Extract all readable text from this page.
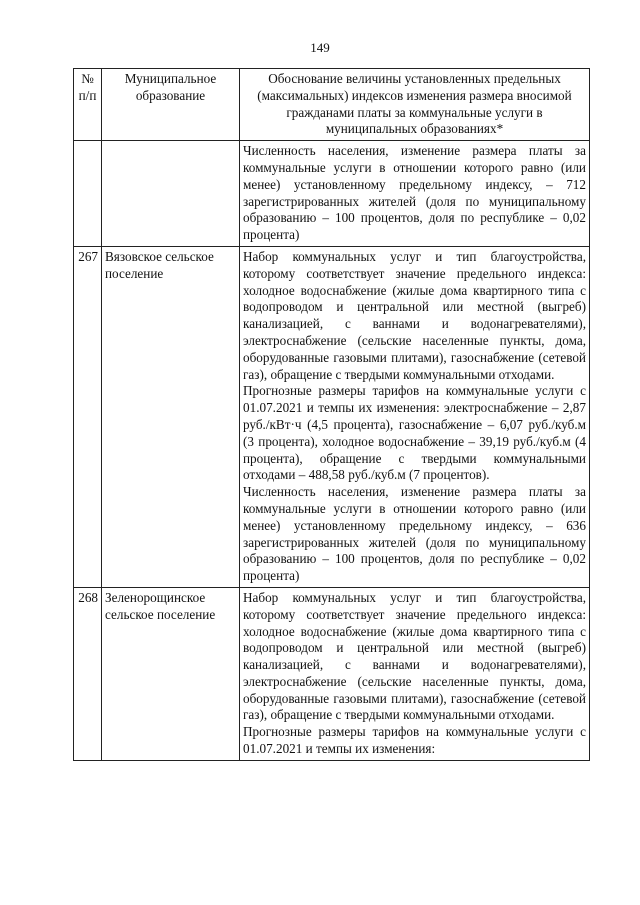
149
№ п/п	Муниципальное образование	Обоснование величины установленных предельных (максимальных) индексов изменения размера вносимой гражданами платы за коммунальные услуги в муниципальных образованиях*

		Численность населения, изменение размера платы за коммунальные услуги в отношении которого равно (или менее) установленному предельному индексу, – 712 зарегистрированных жителей (доля по муниципальному образованию – 100 процентов, доля по республике – 0,02 процента)

267	Вязовское сельское поселение	Набор коммунальных услуг и тип благоустройства, которому соответствует значение предельного индекса: холодное водоснабжение (жилые дома квартирного типа с водопроводом и центральной или местной (выгреб) канализацией, с ваннами и водонагревателями), электроснабжение (сельские населенные пункты, дома, оборудованные газовыми плитами), газоснабжение (сетевой газ), обращение с твердыми коммунальными отходами.

Прогнозные размеры тарифов на коммунальные услуги с 01.07.2021 и темпы их изменения: электроснабжение – 2,87 руб./кВт·ч (4,5 процента), газоснабжение – 6,07 руб./куб.м (3 процента), холодное водоснабжение – 39,19 руб./куб.м (4 процента), обращение с твердыми коммунальными отходами – 488,58 руб./куб.м (7 процентов).

Численность населения, изменение размера платы за коммунальные услуги в отношении которого равно (или менее) установленному предельному индексу, – 636 зарегистрированных жителей (доля по муниципальному образованию – 100 процентов, доля по республике – 0,02 процента)

268	Зеленорощинское сельское поселение	Набор коммунальных услуг и тип благоустройства, которому соответствует значение предельного индекса: холодное водоснабжение (жилые дома квартирного типа с водопроводом и центральной или местной (выгреб) канализацией, с ваннами и водонагревателями), электроснабжение (сельские населенные пункты, дома, оборудованные газовыми плитами), газоснабжение (сетевой газ), обращение с твердыми коммунальными отходами.

Прогнозные размеры тарифов на коммунальные услуги с 01.07.2021 и темпы их изменения:
